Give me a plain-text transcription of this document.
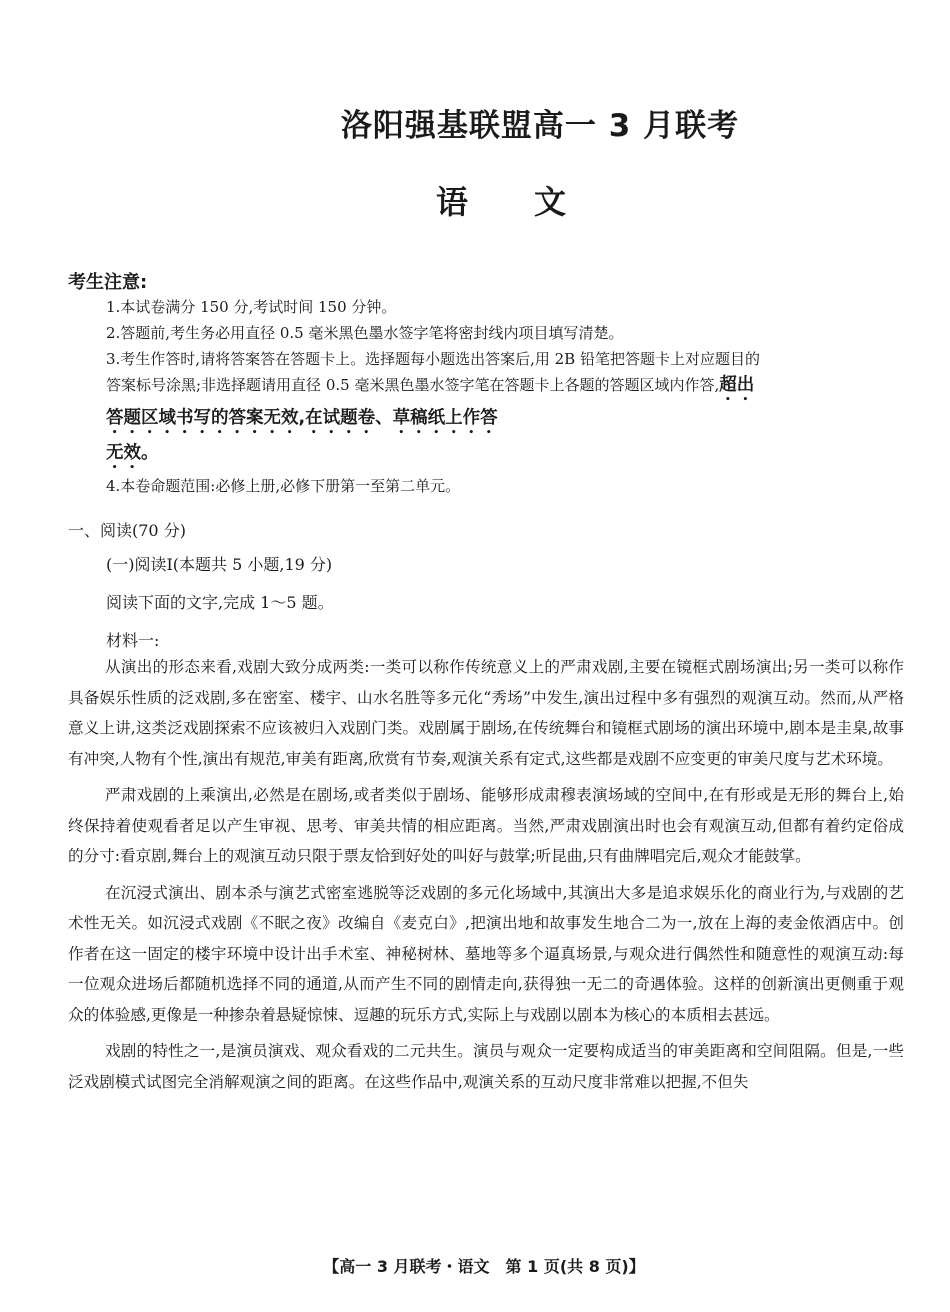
洛阳强基联盟高一 3 月联考
语文
考生注意:
1.本试卷满分 150 分,考试时间 150 分钟。
2.答题前,考生务必用直径 0.5 毫米黑色墨水签字笔将密封线内项目填写清楚。
3.考生作答时,请将答案答在答题卡上。选择题每小题选出答案后,用 2B 铅笔把答题卡上对应题目的答案标号涂黑;非选择题请用直径 0.5 毫米黑色墨水签字笔在答题卡上各题的答题区域内作答,超出答题区域书写的答案无效,在试题卷、草稿纸上作答
无效。
4.本卷命题范围:必修上册,必修下册第一至第二单元。
一、阅读(70 分)
(一)阅读Ⅰ(本题共 5 小题,19 分)
阅读下面的文字,完成 1～5 题。
材料一:

从演出的形态来看,戏剧大致分成两类:一类可以称作传统意义上的严肃戏剧,主要在镜框式剧场演出;另一类可以称作具备娱乐性质的泛戏剧,多在密室、楼宇、山水名胜等多元化“秀场”中发生,演出过程中多有强烈的观演互动。然而,从严格意义上讲,这类泛戏剧探索不应该被归入戏剧门类。戏剧属于剧场,在传统舞台和镜框式剧场的演出环境中,剧本是圭臬,故事有冲突,人物有个性,演出有规范,审美有距离,欣赏有节奏,观演关系有定式,这些都是戏剧不应变更的审美尺度与艺术环境。

严肃戏剧的上乘演出,必然是在剧场,或者类似于剧场、能够形成肃穆表演场域的空间中,在有形或是无形的舞台上,始终保持着使观看者足以产生审视、思考、审美共情的相应距离。当然,严肃戏剧演出时也会有观演互动,但都有着约定俗成的分寸:看京剧,舞台上的观演互动只限于票友恰到好处的叫好与鼓掌;听昆曲,只有曲牌唱完后,观众才能鼓掌。

在沉浸式演出、剧本杀与演艺式密室逃脱等泛戏剧的多元化场域中,其演出大多是追求娱乐化的商业行为,与戏剧的艺术性无关。如沉浸式戏剧《不眠之夜》改编自《麦克白》,把演出地和故事发生地合二为一,放在上海的麦金侬酒店中。创作者在这一固定的楼宇环境中设计出手术室、神秘树林、墓地等多个逼真场景,与观众进行偶然性和随意性的观演互动:每一位观众进场后都随机选择不同的通道,从而产生不同的剧情走向,获得独一无二的奇遇体验。这样的创新演出更侧重于观众的体验感,更像是一种掺杂着悬疑惊悚、逗趣的玩乐方式,实际上与戏剧以剧本为核心的本质相去甚远。

戏剧的特性之一,是演员演戏、观众看戏的二元共生。演员与观众一定要构成适当的审美距离和空间阻隔。但是,一些泛戏剧模式试图完全消解观演之间的距离。在这些作品中,观演关系的互动尺度非常难以把握,不但失

【高一 3 月联考・语文　第 1 页(共 8 页)】
